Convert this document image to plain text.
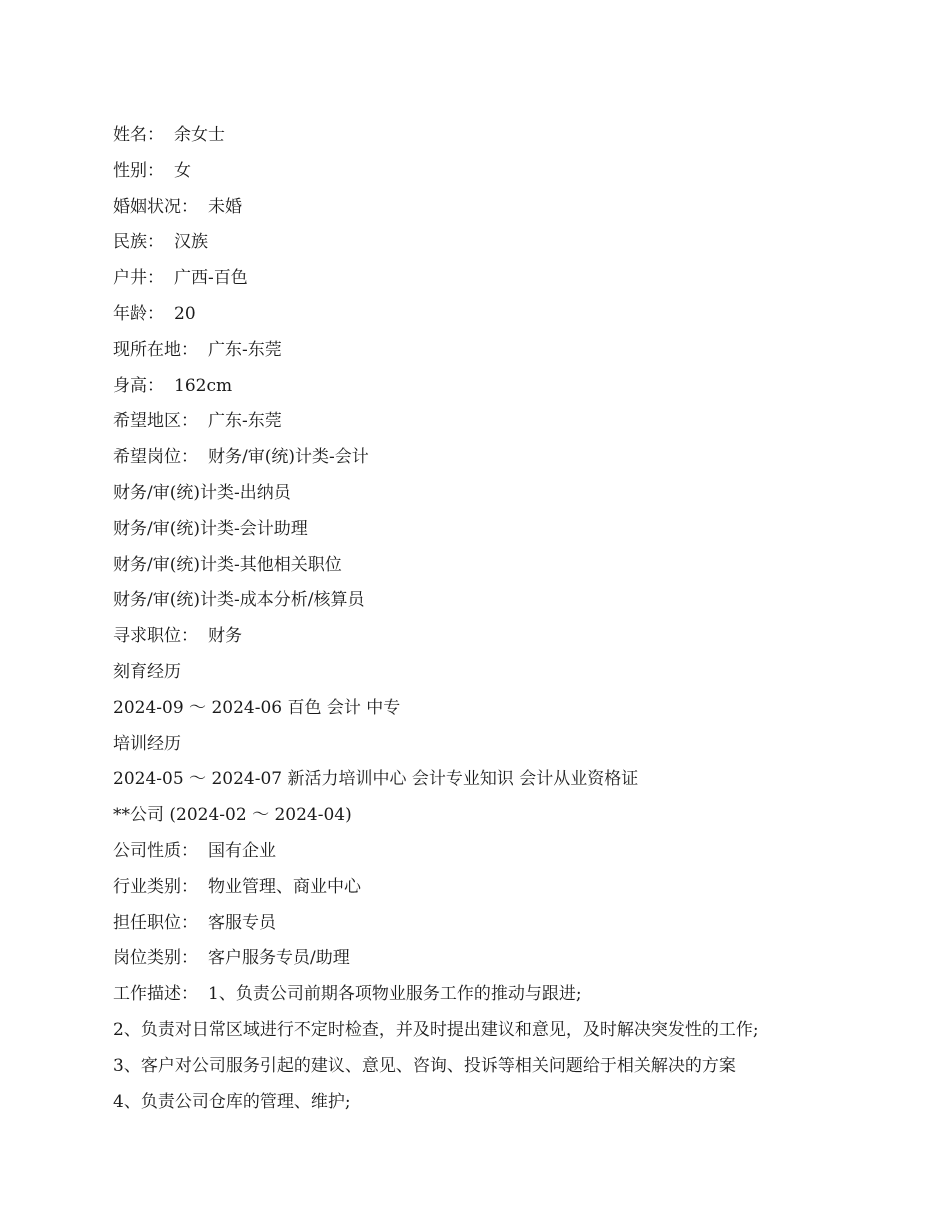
姓名： 余女士
性别： 女
婚姻状况： 未婚
民族： 汉族
户井： 广西-百色
年龄： 20
现所在地： 广东-东莞
身高： 162cm
希望地区： 广东-东莞
希望岗位： 财务/审(统)计类-会计
财务/审(统)计类-出纳员
财务/审(统)计类-会计助理
财务/审(统)计类-其他相关职位
财务/审(统)计类-成本分析/核算员
寻求职位： 财务
刻育经历
2024-09 ～ 2024-06 百色 会计 中专
培训经历
2024-05 ～ 2024-07 新活力培训中心 会计专业知识 会计从业资格证
**公司 (2024-02 ～ 2024-04)
公司性质： 国有企业
行业类别： 物业管理、商业中心
担任职位： 客服专员
岗位类别： 客户服务专员/助理
工作描述： 1、负责公司前期各项物业服务工作的推动与跟进;
2、负责对日常区域进行不定时检查，并及时提出建议和意见，及时解决突发性的工作;
3、客户对公司服务引起的建议、意见、咨询、投诉等相关问题给于相关解决的方案
4、负责公司仓库的管理、维护;
